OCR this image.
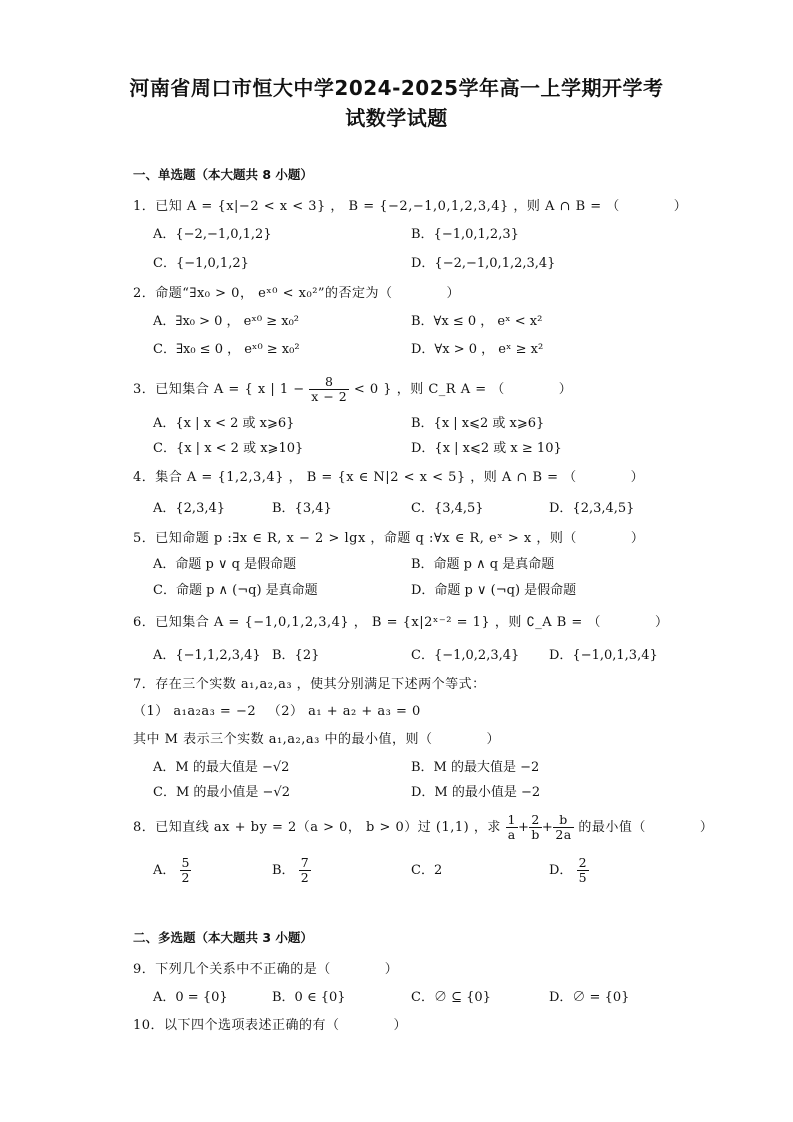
河南省周口市恒大中学2024-2025学年高一上学期开学考
试数学试题
一、单选题（本大题共 8 小题）
1．已知 A = {x|−2 < x < 3} ， B = {−2,−1,0,1,2,3,4} ，则 A ∩ B = （　　　　）
A．{−2,−1,0,1,2}	B．{−1,0,1,2,3}
C．{−1,0,1,2}	D．{−2,−1,0,1,2,3,4}
2．命题“∃x₀ > 0， eˣ⁰ < x₀²”的否定为（　　　　）
A．∃x₀ > 0 ， eˣ⁰ ≥ x₀²	B．∀x ≤ 0 ， eˣ < x²
C．∃x₀ ≤ 0 ， eˣ⁰ ≥ x₀²	D．∀x > 0 ， eˣ ≥ x²
3．已知集合 A = { x | $1 - \frac{8}{x - 2} < 0$ } ，则 C_R A = （　　　　）
A．{x | x < 2 或 x⩾6}	B．{x | x⩽2 或 x⩾6}
C．{x | x < 2 或 x⩾10}	D．{x | x⩽2 或 x ≥ 10}
4．集合 A = {1,2,3,4} ， B = {x ∈ N|2 < x < 5} ，则 A ∩ B = （　　　　）
A．{2,3,4}	B．{3,4}	C．{3,4,5}	D．{2,3,4,5}
5．已知命题 p :∃x ∈ R, x − 2 > lgx ，命题 q :∀x ∈ R, eˣ > x ，则（　　　　）
A．命题 p ∨ q 是假命题	B．命题 p ∧ q 是真命题
C．命题 p ∧ (¬q) 是真命题	D．命题 p ∨ (¬q) 是假命题
6．已知集合 A = {−1,0,1,2,3,4} ， B = {x|2ˣ⁻² = 1} ，则 ∁_A B = （　　　　）
A．{−1,1,2,3,4} B．{2}	C．{−1,0,2,3,4} D．{−1,0,1,3,4}
7．存在三个实数 a₁,a₂,a₃ ，使其分别满足下述两个等式：
（1） a₁a₂a₃ = −2 　（2） a₁ + a₂ + a₃ = 0
其中 M 表示三个实数 a₁,a₂,a₃ 中的最小值，则（　　　　）
A．M 的最大值是 −√2	B．M 的最大值是 −2
C．M 的最小值是 −√2	D．M 的最小值是 −2
8．已知直线 ax + by = 2（a > 0， b > 0）过 (1,1) ，求 $\frac{1}{a} + \frac{2}{b} + \frac{b}{2a}$ 的最小值（　　　　）
A． $\frac{5}{2}$	B． $\frac{7}{2}$	C．2	D． $\frac{2}{5}$
二、多选题（本大题共 3 小题）
9．下列几个关系中不正确的是（　　　　）
A．0 = {0}	B．0 ∈ {0}	C．∅ ⊆ {0}	D．∅ = {0}
10．以下四个选项表述正确的有（　　　　）
